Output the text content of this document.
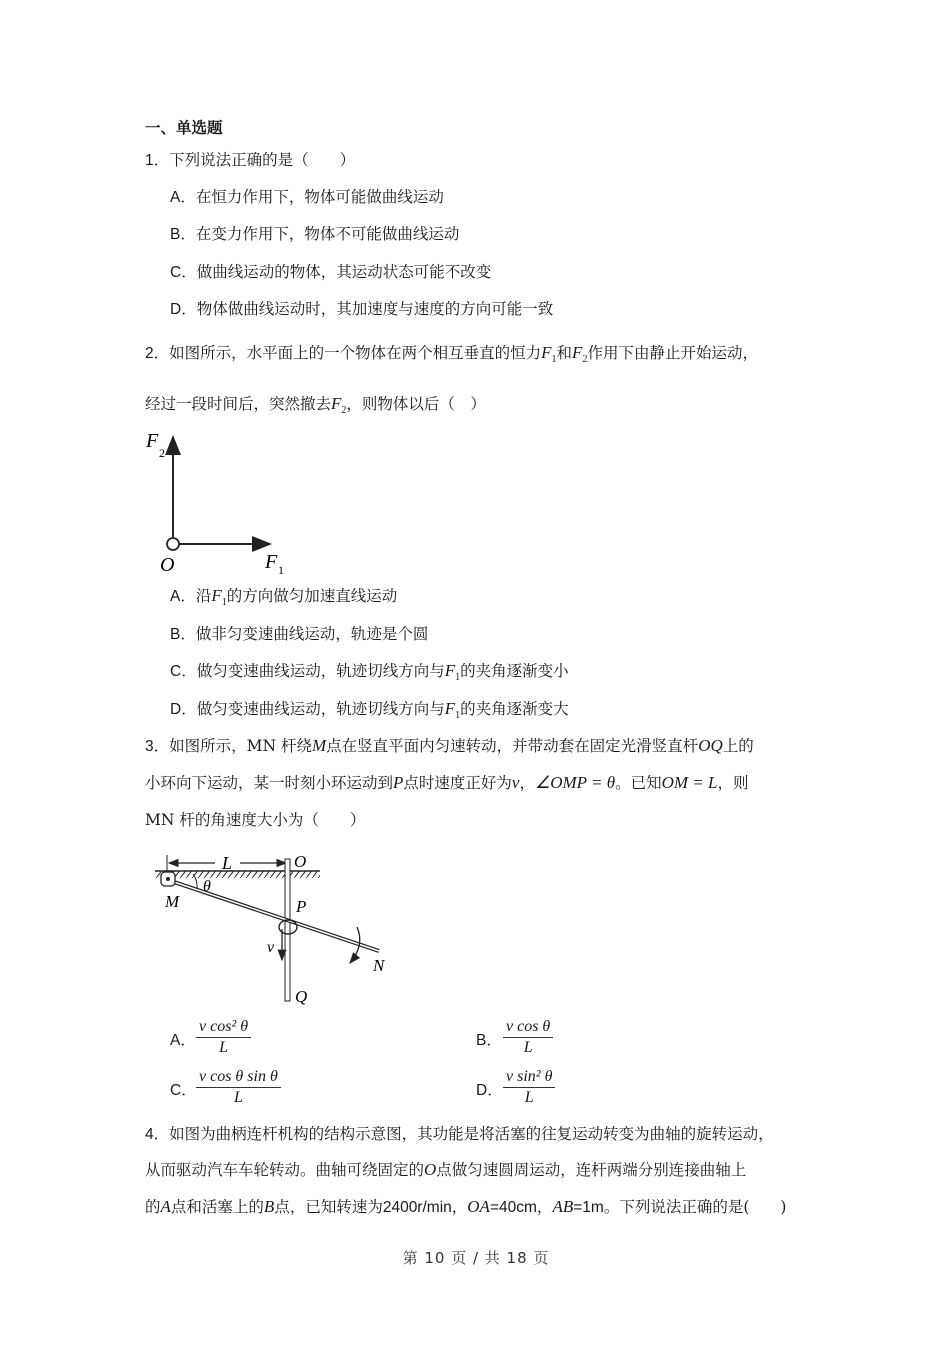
一、单选题
1．下列说法正确的是（　　）
A．在恒力作用下，物体可能做曲线运动
B．在变力作用下，物体不可能做曲线运动
C．做曲线运动的物体，其运动状态可能不改变
D．物体做曲线运动时，其加速度与速度的方向可能一致
2．如图所示，水平面上的一个物体在两个相互垂直的恒力$F_1$和$F_2$作用下由静止开始运动，
经过一段时间后，突然撤去$F_2$，则物体以后（　）
F
2
O	F 1
A．沿$F_1$的方向做匀加速直线运动
B．做非匀变速曲线运动，轨迹是个圆
C．做匀变速曲线运动，轨迹切线方向与$F_1$的夹角逐渐变小
D．做匀变速曲线运动，轨迹切线方向与$F_1$的夹角逐渐变大
3．如图所示，MN 杆绕M点在竖直平面内匀速转动，并带动套在固定光滑竖直杆OQ上的
小环向下运动，某一时刻小环运动到P点时速度正好为v，∠OMP = θ。已知OM = L，则
MN 杆的角速度大小为（　　）
L	O
Q
M
θ
P
v
N
A． $\frac{\text{v cos² θ}}{L}$	B． $\frac{\text{v cos θ}}{L}$
C． $\frac{\text{v cos θ sin θ}}{L}$	D． $\frac{\text{v sin² θ}}{L}$
4．如图为曲柄连杆机构的结构示意图，其功能是将活塞的往复运动转变为曲轴的旋转运动，
从而驱动汽车车轮转动。曲轴可绕固定的O点做匀速圆周运动，连杆两端分别连接曲轴上
的A点和活塞上的B点，已知转速为2400r/min，OA=40cm，AB=1m。下列说法正确的是(　　)
第 10 页 / 共 18 页
